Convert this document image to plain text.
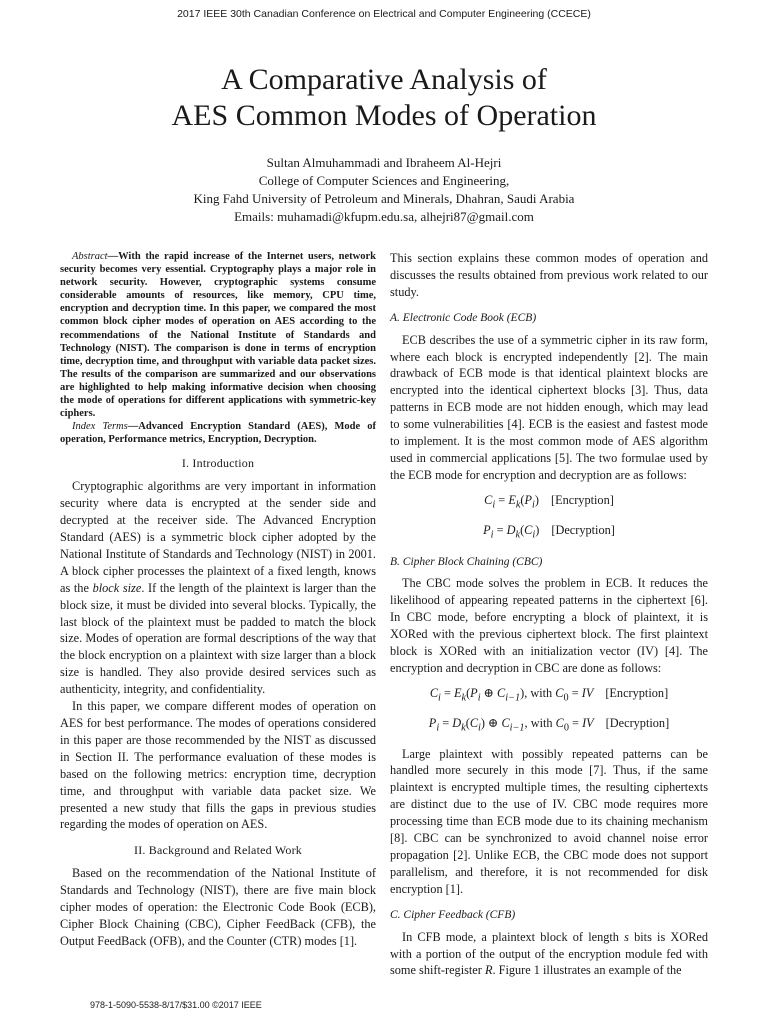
2017 IEEE 30th Canadian Conference on Electrical and Computer Engineering (CCECE)
A Comparative Analysis of
AES Common Modes of Operation
Sultan Almuhammadi and Ibraheem Al-Hejri
College of Computer Sciences and Engineering,
King Fahd University of Petroleum and Minerals, Dhahran, Saudi Arabia
Emails: muhamadi@kfupm.edu.sa, alhejri87@gmail.com

Abstract—With the rapid increase of the Internet users, network security becomes very essential. Cryptography plays a major role in network security. However, cryptographic systems consume considerable amounts of resources, like memory, CPU time, encryption and decryption time. In this paper, we compared the most common block cipher modes of operation on AES according to the recommendations of the National Institute of Standards and Technology (NIST). The comparison is done in terms of encryption time, decryption time, and throughput with variable data packet sizes. The results of the comparison are summarized and our observations are highlighted to help making informative decision when choosing the mode of operations for different applications with symmetric-key ciphers.

Index Terms—Advanced Encryption Standard (AES), Mode of operation, Performance metrics, Encryption, Decryption.

I. Introduction

Cryptographic algorithms are very important in information security where data is encrypted at the sender side and decrypted at the receiver side. The Advanced Encryption Standard (AES) is a symmetric block cipher adopted by the National Institute of Standards and Technology (NIST) in 2001. A block cipher processes the plaintext of a fixed length, knows as the block size. If the length of the plaintext is larger than the block size, it must be divided into several blocks. Typically, the last block of the plaintext must be padded to match the block size. Modes of operation are formal descriptions of the way that the block encryption on a plaintext with size larger than a block size is handled. They also provide desired services such as authenticity, integrity, and confidentiality.

In this paper, we compare different modes of operation on AES for best performance. The modes of operations considered in this paper are those recommended by the NIST as discussed in Section II. The performance evaluation of these modes is based on the following metrics: encryption time, decryption time, and throughput with variable data packet size. We presented a new study that fills the gaps in previous studies regarding the modes of operation on AES.

II. Background and Related Work

Based on the recommendation of the National Institute of Standards and Technology (NIST), there are five main block cipher modes of operation: the Electronic Code Book (ECB), Cipher Block Chaining (CBC), Cipher FeedBack (CFB), the Output FeedBack (OFB), and the Counter (CTR) modes [1].

This section explains these common modes of operation and discusses the results obtained from previous work related to our study.

A. Electronic Code Book (ECB)

ECB describes the use of a symmetric cipher in its raw form, where each block is encrypted independently [2]. The main drawback of ECB mode is that identical plaintext blocks are encrypted into the identical ciphertext blocks [3]. Thus, data patterns in ECB mode are not hidden enough, which may lead to some vulnerabilities [4]. ECB is the easiest and fastest mode to implement. It is the most common mode of AES algorithm used in commercial applications [5]. The two formulae used by the ECB mode for encryption and decryption are as follows:

$C_i = E_k(P_i)$ [Encryption]
$P_i = D_k(C_i)$ [Decryption]
B. Cipher Block Chaining (CBC)

The CBC mode solves the problem in ECB. It reduces the likelihood of appearing repeated patterns in the ciphertext [6]. In CBC mode, before encrypting a block of plaintext, it is XORed with the previous ciphertext block. The first plaintext block is XORed with an initialization vector (IV) [4]. The encryption and decryption in CBC are done as follows:

$C_i = E_k(P_i$ ⊕ $C_{i-1}$), with $C_0$ = IV [Encryption]
$P_i = D_k(C_i)$ ⊕ $C_{i-1}$, with $C_0$ = IV [Decryption]

Large plaintext with possibly repeated patterns can be handled more securely in this mode [7]. Thus, if the same plaintext is encrypted multiple times, the resulting ciphertexts are distinct due to the use of IV. CBC mode requires more processing time than ECB mode due to its chaining mechanism [8]. CBC can be synchronized to avoid channel noise error propagation [2]. Unlike ECB, the CBC mode does not support parallelism, and therefore, it is not recommended for disk encryption [1].

C. Cipher Feedback (CFB)

In CFB mode, a plaintext block of length s bits is XORed with a portion of the output of the encryption module fed with some shift-register R. Figure 1 illustrates an example of the

978-1-5090-5538-8/17/$31.00 ©2017 IEEE
